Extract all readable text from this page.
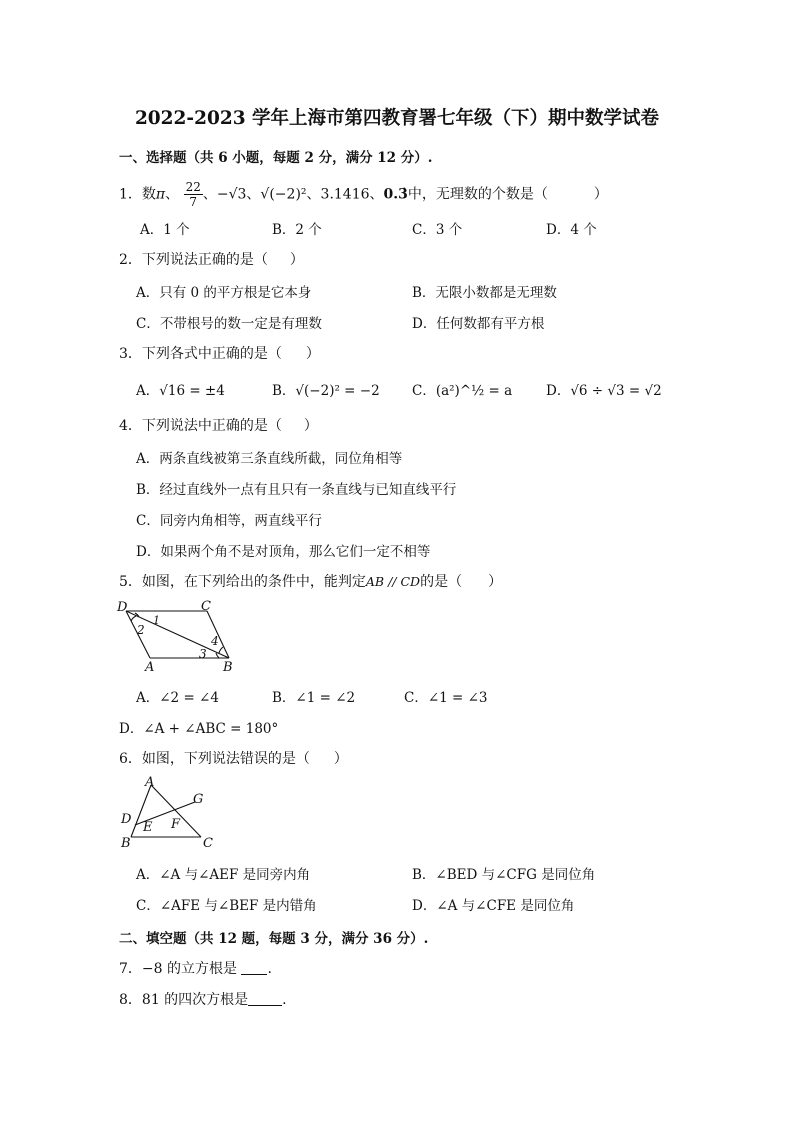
2022-2023 学年上海市第四教育署七年级（下）期中数学试卷
一、选择题（共 6 小题，每题 2 分，满分 12 分）.
1．数π、 $\frac{22}{7}$ 、−√3、√(−2)²、3.1416、0.3̇中，无理数的个数是（	）
A．1 个	B．2 个	C．3 个	D．4 个
2．下列说法正确的是（ ）
A．只有 0 的平方根是它本身	B．无限小数都是无理数
C．不带根号的数一定是有理数	D．任何数都有平方根
3．下列各式中正确的是（ ）
A．√16 = ±4	B．√(−2)² = −2 C．(a²)^½ = a	D．√6 ÷ √3 = √2
4．下列说法中正确的是（ ）
A．两条直线被第三条直线所截，同位角相等
B．经过直线外一点有且只有一条直线与已知直线平行
C．同旁内角相等，两直线平行
D．如果两个角不是对顶角，那么它们一定不相等
5．如图，在下列给出的条件中，能判定AB // CD的是（ ）
D	C
1
2
4
3
A	B
A．∠2 = ∠4	B．∠1 = ∠2	C．∠1 = ∠3
D．∠A + ∠ABC = 180°
6．如图，下列说法错误的是（ ）
A
G
D
E F
B	C
A．∠A 与∠AEF 是同旁内角	B．∠BED 与∠CFG 是同位角
C．∠AFE 与∠BEF 是内错角	D．∠A 与∠CFE 是同位角
二、填空题（共 12 题，每题 3 分，满分 36 分）.
7．−8 的立方根是 .
8．81 的四次方根是 .
